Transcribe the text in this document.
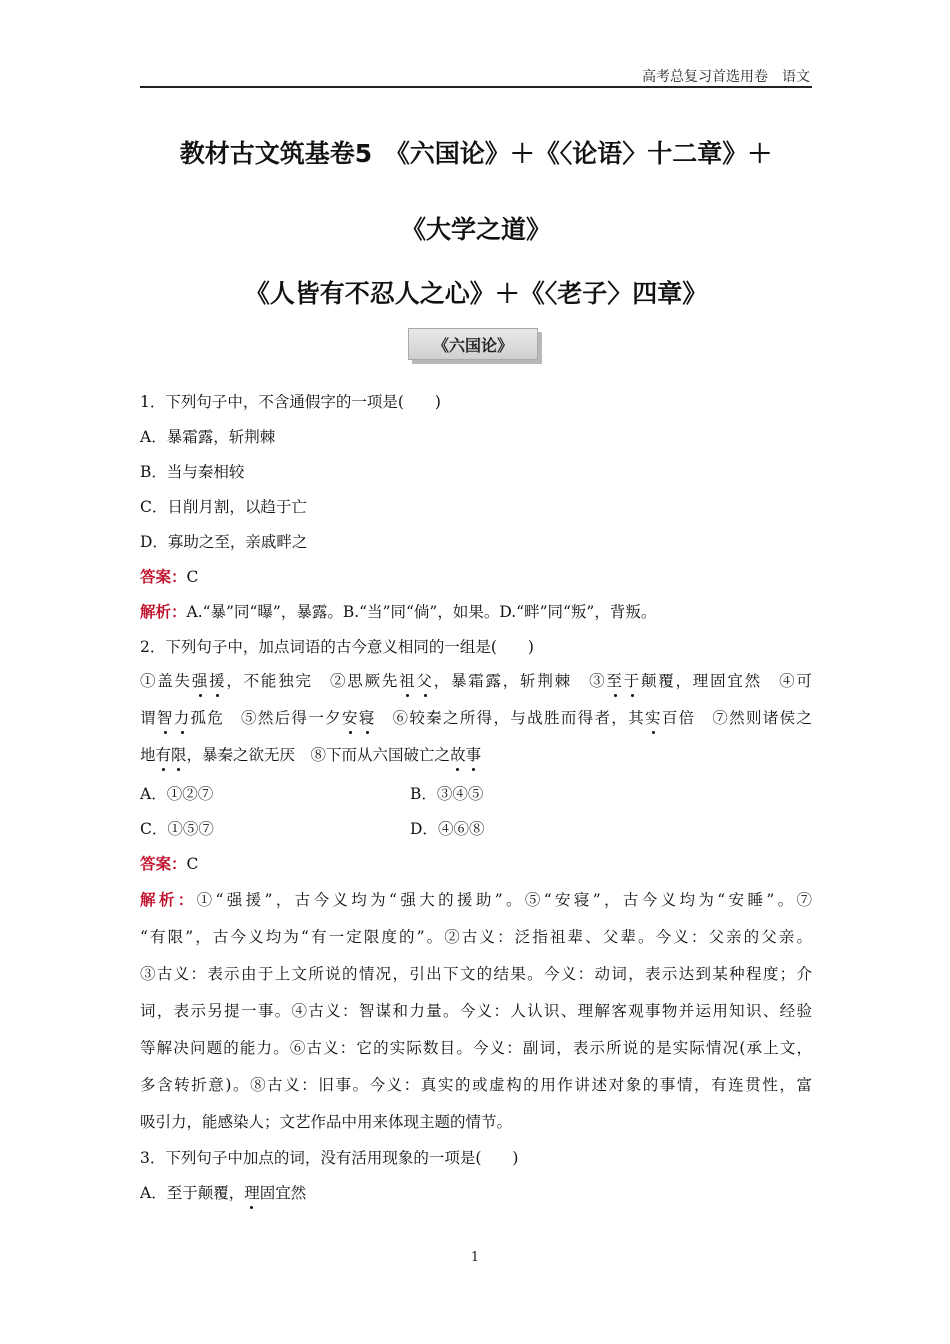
高考总复习首选用卷 语文
教材古文筑基卷5　《六国论》＋《〈论语〉十二章》＋
《大学之道》
《人皆有不忍人之心》＋《〈老子〉四章》
《六国论》
1．下列句子中，不含通假字的一项是(　　)
A．暴霜露，斩荆棘
B．当与秦相较
C．日削月割，以趋于亡
D．寡助之至，亲戚畔之
答案：C
解析：A.“暴”同“曝”，暴露。B.“当”同“倘”，如果。D.“畔”同“叛”，背叛。
2．下列句子中，加点词语的古今意义相同的一组是(　　)
①盖失强援，不能独完　②思厥先祖父，暴霜露，斩荆棘　③至于颠覆，理固宜然　④可
谓智力孤危　⑤然后得一夕安寝　⑥较秦之所得，与战胜而得者，其实百倍　⑦然则诸侯之
地有限，暴秦之欲无厌　⑧下而从六国破亡之故事
A．①②⑦	B．③④⑤
C．①⑤⑦	D．④⑥⑧
答案：C
解析：①“强援”，古今义均为“强大的援助”。⑤“安寝”，古今义均为“安睡”。⑦
“有限”，古今义均为“有一定限度的”。②古义：泛指祖辈、父辈。今义：父亲的父亲。
③古义：表示由于上文所说的情况，引出下文的结果。今义：动词，表示达到某种程度；介
词，表示另提一事。④古义：智谋和力量。今义：人认识、理解客观事物并运用知识、经验
等解决问题的能力。⑥古义：它的实际数目。今义：副词，表示所说的是实际情况(承上文，
多含转折意)。⑧古义：旧事。今义：真实的或虚构的用作讲述对象的事情，有连贯性，富
吸引力，能感染人；文艺作品中用来体现主题的情节。
3．下列句子中加点的词，没有活用现象的一项是(　　)
A．至于颠覆，理固宜然
1
